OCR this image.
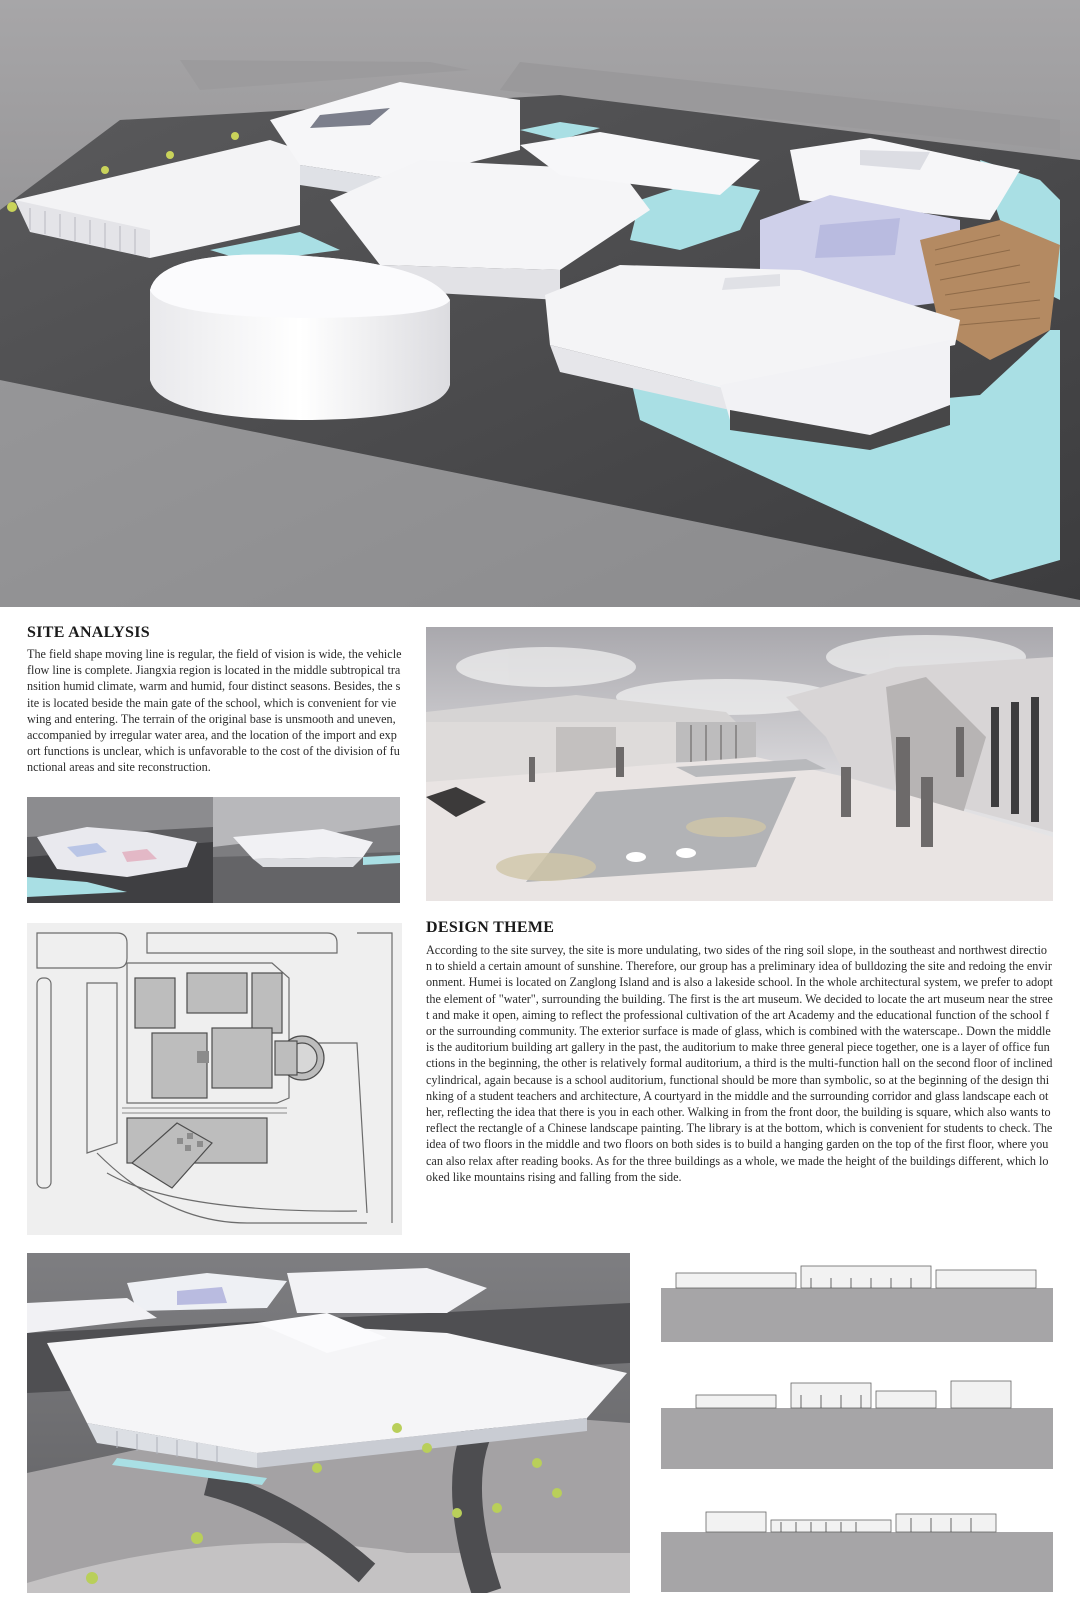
SITE ANALYSIS

The field shape moving line is regular, the field of vision is wide, the vehicle flow line is complete. Jiangxia region is located in the middle subtropical transition humid climate, warm and humid, four distinct seasons. Besides, the site is located beside the main gate of the school, which is convenient for viewing and entering. The terrain of the original base is unsmooth and uneven, accompanied by irregular water area, and the location of the import and export functions is unclear, which is unfavorable to the cost of the division of functional areas and site reconstruction.

DESIGN THEME

According to the site survey, the site is more undulating, two sides of the ring soil slope, in the southeast and northwest direction to shield a certain amount of sunshine. Therefore, our group has a preliminary idea of bulldozing the site and redoing the environment. Humei is located on Zanglong Island and is also a lakeside school. In the whole architectural system, we prefer to adopt the element of "water", surrounding the building. The first is the art museum. We decided to locate the art museum near the street and make it open, aiming to reflect the professional cultivation of the art Academy and the educational function of the school for the surrounding community. The exterior surface is made of glass, which is combined with the waterscape.. Down the middle is the auditorium building art gallery in the past, the auditorium to make three general piece together, one is a layer of office functions in the beginning, the other is relatively formal auditorium, a third is the multi-function hall on the second floor of inclined cylindrical, again because is a school auditorium, functional should be more than symbolic, so at the beginning of the design thinking of a student teachers and architecture, A courtyard in the middle and the surrounding corridor and glass landscape each other, reflecting the idea that there is you in each other. Walking in from the front door, the building is square, which also wants to reflect the rectangle of a Chinese landscape painting. The library is at the bottom, which is convenient for students to check. The idea of two floors in the middle and two floors on both sides is to build a hanging garden on the top of the first floor, where you can also relax after reading books. As for the three buildings as a whole, we made the height of the buildings different, which looked like mountains rising and falling from the side.
